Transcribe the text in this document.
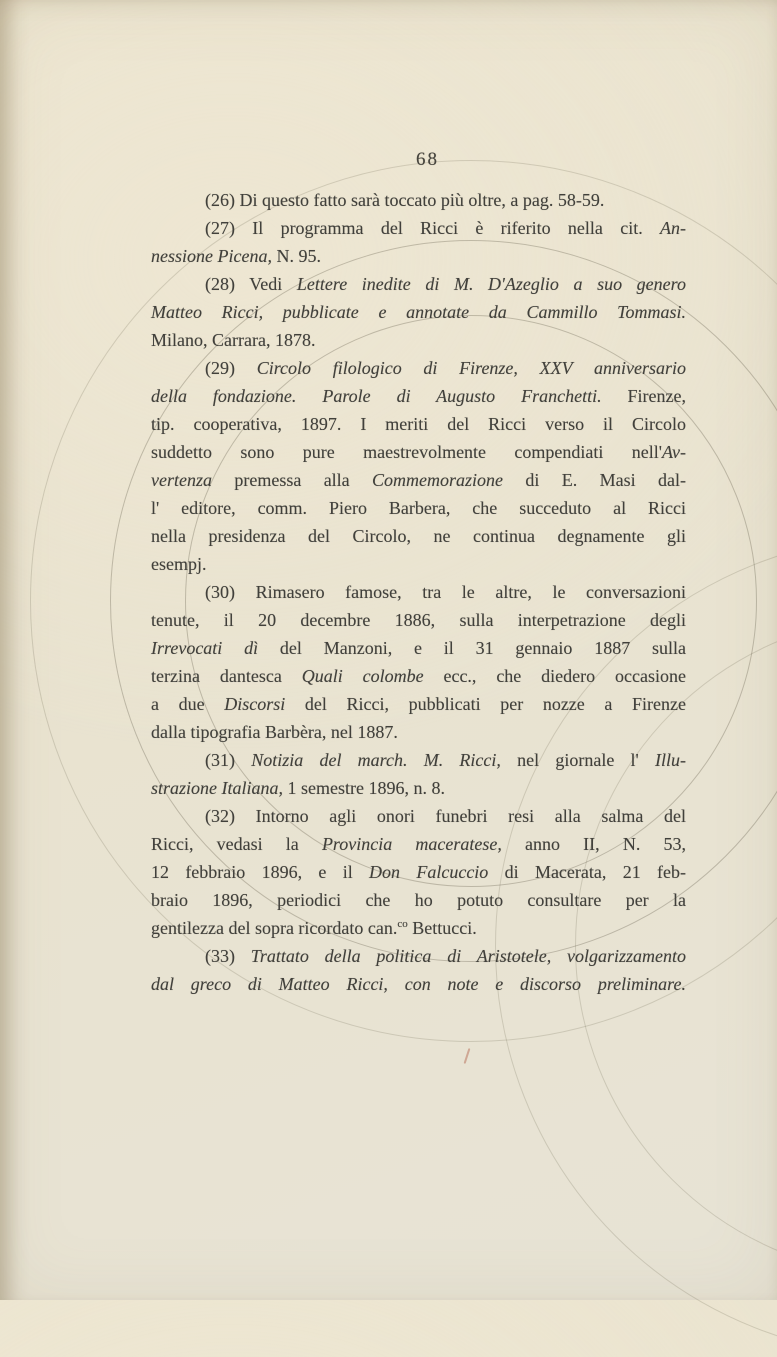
68

(26) Di questo fatto sarà toccato più oltre, a pag. 58-59.

(27) Il programma del Ricci è riferito nella cit. An-
nessione Picena, N. 95.

(28) Vedi Lettere inedite di M. D'Azeglio a suo genero
Matteo Ricci, pubblicate e annotate da Cammillo Tommasi.
Milano, Carrara, 1878.

(29) Circolo filologico di Firenze, XXV anniversario
della fondazione. Parole di Augusto Franchetti. Firenze,
tip. cooperativa, 1897. I meriti del Ricci verso il Circolo
suddetto sono pure maestrevolmente compendiati nell'Av-
vertenza premessa alla Commemorazione di E. Masi dal-
l' editore, comm. Piero Barbera, che succeduto al Ricci
nella presidenza del Circolo, ne continua degnamente gli
esempj.

(30) Rimasero famose, tra le altre, le conversazioni
tenute, il 20 decembre 1886, sulla interpetrazione degli
Irrevocati dì del Manzoni, e il 31 gennaio 1887 sulla
terzina dantesca Quali colombe ecc., che diedero occasione
a due Discorsi del Ricci, pubblicati per nozze a Firenze
dalla tipografia Barbèra, nel 1887.

(31) Notizia del march. M. Ricci, nel giornale l' Illu-
strazione Italiana, 1 semestre 1896, n. 8.

(32) Intorno agli onori funebri resi alla salma del
Ricci, vedasi la Provincia maceratese, anno II, N. 53,
12 febbraio 1896, e il Don Falcuccio di Macerata, 21 feb-
braio 1896, periodici che ho potuto consultare per la
gentilezza del sopra ricordato can.$^{co}$ Bettucci.

(33) Trattato della politica di Aristotele, volgarizzamento
dal greco di Matteo Ricci, con note e discorso preliminare.
